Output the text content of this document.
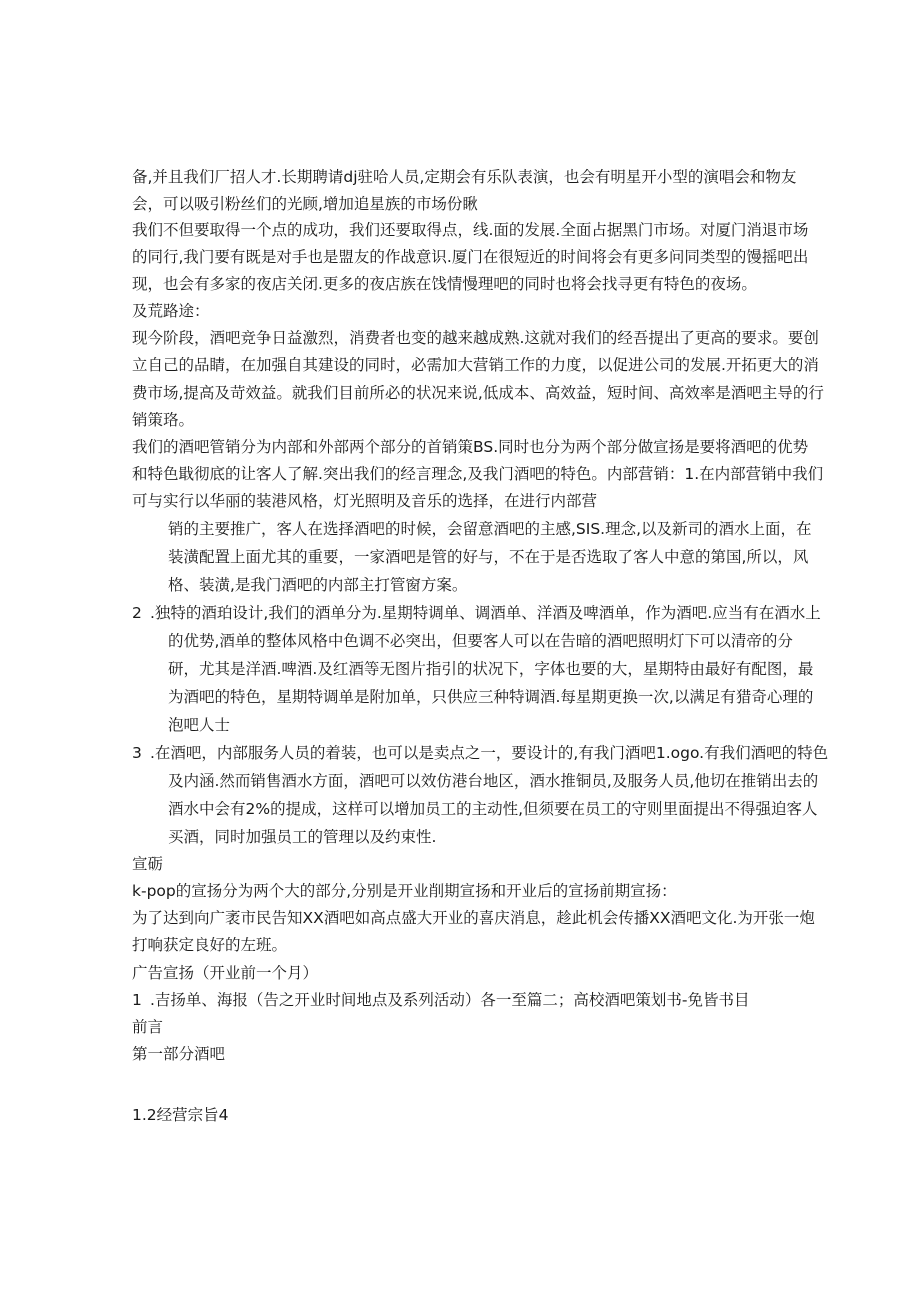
备,并且我们厂招人才.长期聘请dj驻哈人员,定期会有乐队表演，也会有明星开小型的演唱会和物友
会，可以吸引粉丝们的光顾,增加追星族的市场份瞅
我们不但要取得一个点的成功，我们还要取得点，线.面的发展.全面占据黑门市场。对厦门消退市场
的同行,我门要有既是对手也是盟友的作战意识.厦门在很短近的时间将会有更多问同类型的馒摇吧出
现，也会有多家的夜店关闭.更多的夜店族在饯情慢理吧的同时也将会找寻更有特色的夜场。
及荒路途：
现今阶段，酒吧竞争日益激烈，消费者也变的越来越成熟.这就对我们的经吾提出了更高的要求。要创
立自己的品睛，在加强自其建设的同时，必需加大营销工作的力度，以促进公司的发展.开拓更大的消
费市场,提高及苛效益。就我们目前所必的状况来说,低成本、高效益，短时间、高效率是酒吧主导的行
销策珞。
我们的酒吧管销分为内部和外部两个部分的首销策BS.同时也分为两个部分做宣扬是要将酒吧的优势
和特色戢彻底的让客人了解.突出我们的经言理念,及我门酒吧的特色。内部营销：1.在内部营销中我们
可与实行以华丽的装港风格，灯光照明及音乐的选择，在进行内部营
销的主要推广，客人在选择酒吧的时候，会留意酒吧的主感,SIS.理念,以及新司的酒水上面，在
装潢配置上面尤其的重要，一家酒吧是管的好与，不在于是否选取了客人中意的第国,所以，风
格、装潢,是我门酒吧的内部主打管窗方案。
2 .独特的酒珀设计,我们的酒单分为.星期特调单、调酒单、洋酒及啤酒单，作为酒吧.应当有在酒水上
的优势,酒单的整体风格中色调不必突出，但要客人可以在告暗的酒吧照明灯下可以清帝的分
研，尤其是洋酒.啤酒.及红酒等无图片指引的状况下，字体也要的大，星期特由最好有配图，最
为酒吧的特色，星期特调单是附加单，只供应三种特调酒.每星期更换一次,以满足有猎奇心理的
泡吧人士
3 .在酒吧，内部服务人员的着装，也可以是卖点之一，要设计的,有我门酒吧1.ogo.有我们酒吧的特色
及内涵.然而销售酒水方面，酒吧可以效仿港台地区，酒水推铜员,及服务人员,他切在推销出去的
酒水中会有2%的提成，这样可以增加员工的主动性,但须要在员工的守则里面提出不得强迫客人
买酒，同时加强员工的管理以及约束性.
宣砺
k-pop的宣扬分为两个大的部分,分别是开业削期宣扬和开业后的宣扬前期宣扬：
为了达到向广袤市民告知XX酒吧如高点盛大开业的喜庆消息，趁此机会传播XX酒吧文化.为开张一炮
打响获定良好的左班。
广告宣扬（开业前一个月）
1 .吉扬单、海报（告之开业时间地点及系列活动）各一至篇二；高校酒吧策划书-免皆书目
前言
第一部分酒吧
1.2经营宗旨4
